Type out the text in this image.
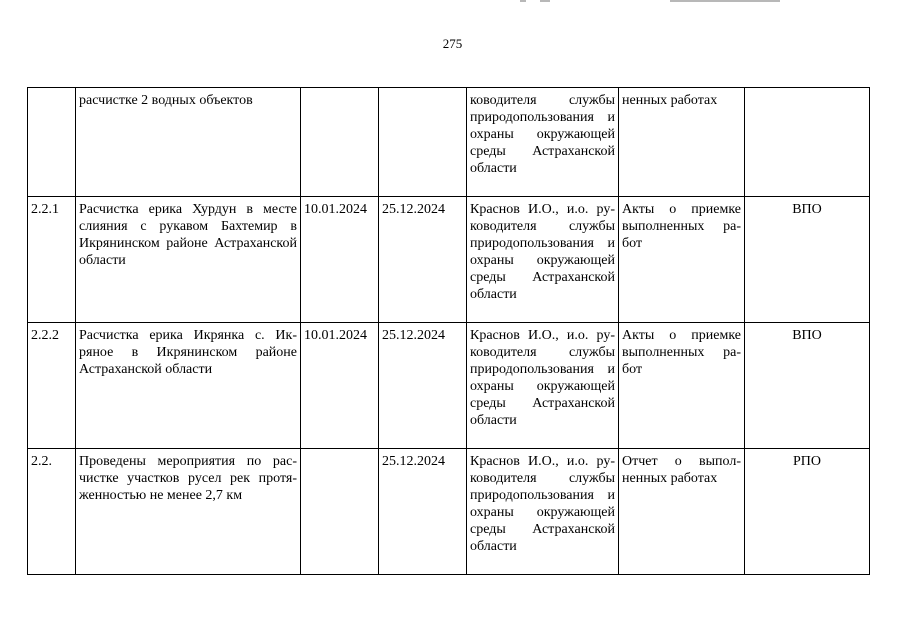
275
	расчистке 2 водных объектов			ководителя службы природопользования и охраны окружающей среды Астраханской области	ненных работах	
2.2.1	Расчистка ерика Хурдун в месте слияния с рукавом Бахтемир в Икрянинском районе Астраханской области	10.01.2024	25.12.2024	Краснов И.О., и.о. руководителя службы природопользования и охраны окружающей среды Астраханской области	Акты о приемке выполненных работ	ВПО
2.2.2	Расчистка ерика Икрянка с. Икряное в Икрянинском районе Астраханской области	10.01.2024	25.12.2024	Краснов И.О., и.о. руководителя службы природопользования и охраны окружающей среды Астраханской области	Акты о приемке выполненных работ	ВПО
2.2.	Проведены мероприятия по расчистке участков русел рек протяженностью не менее 2,7 км		25.12.2024	Краснов И.О., и.о. руководителя службы природопользования и охраны окружающей среды Астраханской области	Отчет о выполненных работах	РПО
